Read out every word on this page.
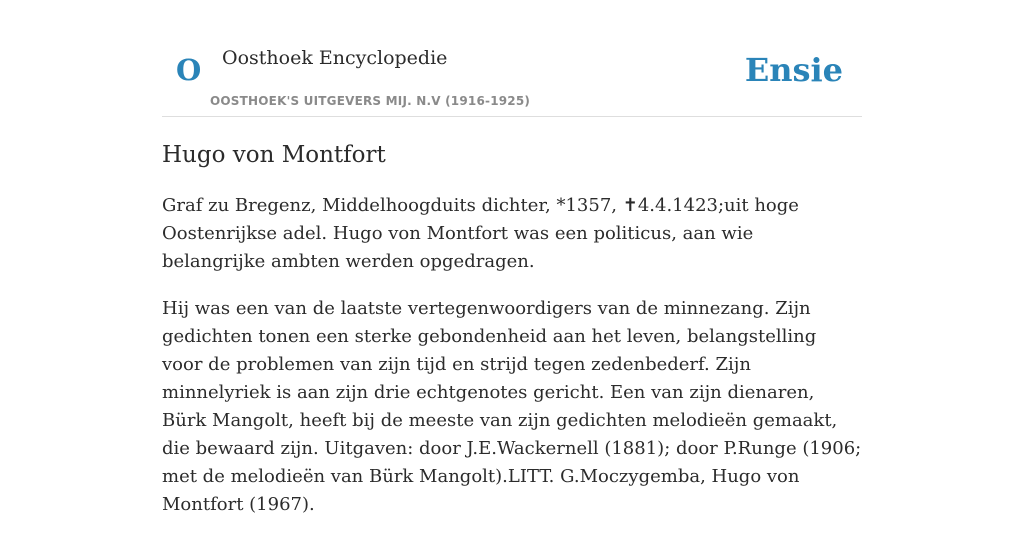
O Oosthoek Encyclopedie
OOSTHOEK'S UITGEVERS MIJ. N.V (1916-1925)
Ensie
Hugo von Montfort

Graf zu Bregenz, Middelhoogduits dichter, *1357, ✝4.4.1423;uit hoge Oostenrijkse adel. Hugo von Montfort was een politicus, aan wie belangrijke ambten werden opgedragen.

Hij was een van de laatste vertegenwoordigers van de minnezang. Zijn gedichten tonen een sterke gebondenheid aan het leven, belangstelling voor de problemen van zijn tijd en strijd tegen zedenbederf. Zijn minnelyriek is aan zijn drie echtgenotes gericht. Een van zijn dienaren, Bürk Mangolt, heeft bij de meeste van zijn gedichten melodieën gemaakt, die bewaard zijn. Uitgaven: door J.E.Wackernell (1881); door P.Runge (1906; met de melodieën van Bürk Mangolt).LITT. G.Moczygemba, Hugo von Montfort (1967).
